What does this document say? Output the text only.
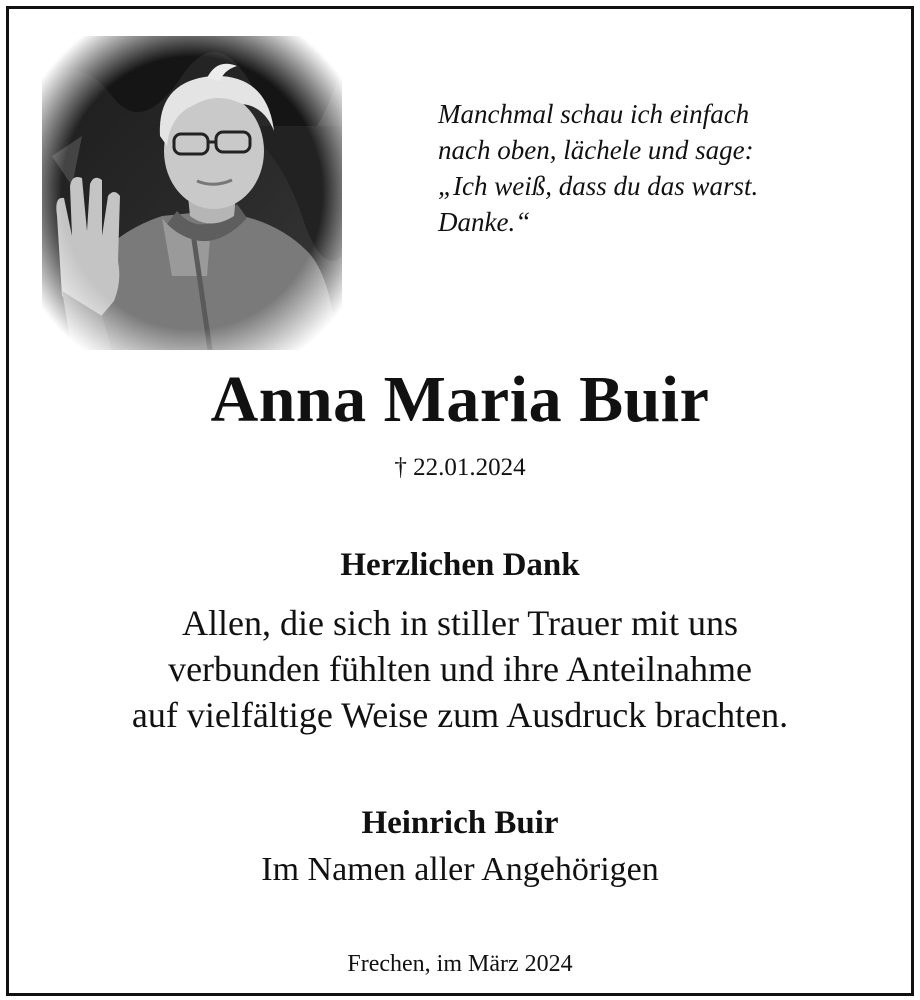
Manchmal schau ich einfach
nach oben, lächele und sage:
„Ich weiß, dass du das warst.
Danke.“
Anna Maria Buir
† 22.01.2024
Herzlichen Dank
Allen, die sich in stiller Trauer mit uns
verbunden fühlten und ihre Anteilnahme
auf vielfältige Weise zum Ausdruck brachten.
Heinrich Buir
Im Namen aller Angehörigen
Frechen, im März 2024
